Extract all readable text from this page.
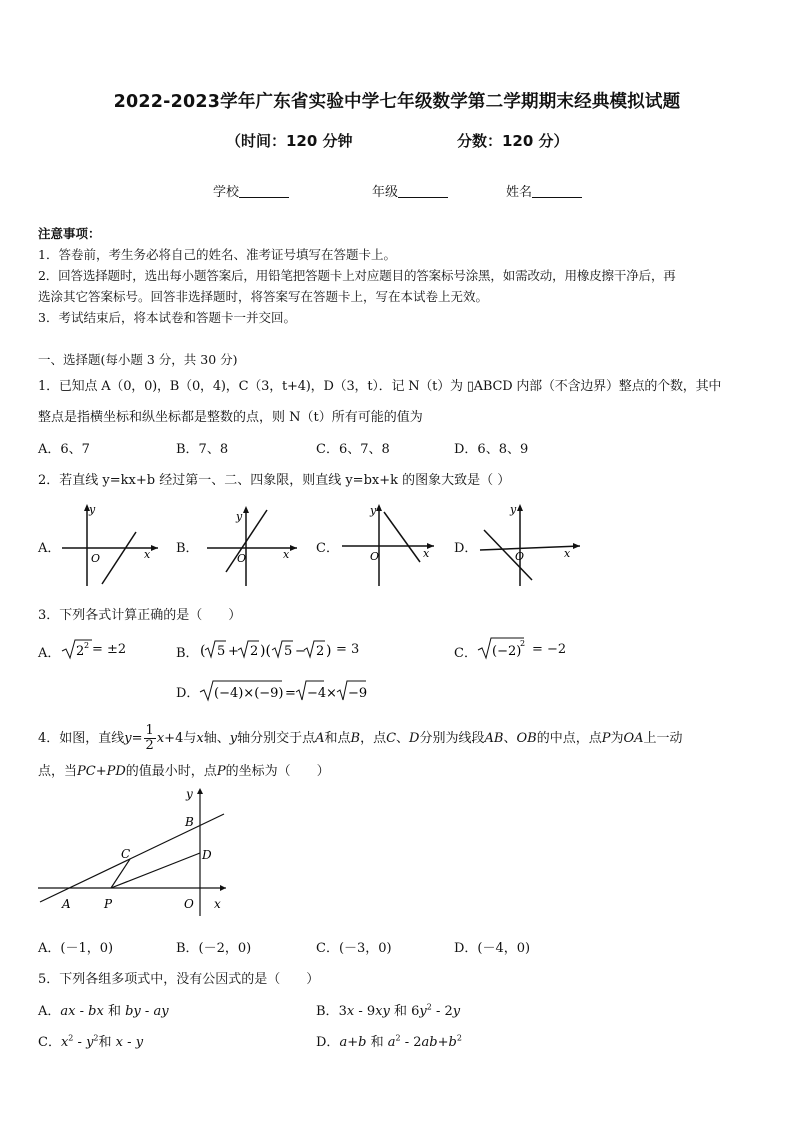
2022-2023学年广东省实验中学七年级数学第二学期期末经典模拟试题
（时间：120 分钟	分数：120 分）
学校	年级	姓名
注意事项：
1．答卷前，考生务必将自己的姓名、准考证号填写在答题卡上。
2．回答选择题时，选出每小题答案后，用铅笔把答题卡上对应题目的答案标号涂黑，如需改动，用橡皮擦干净后，再
选涂其它答案标号。回答非选择题时，将答案写在答题卡上，写在本试卷上无效。
3．考试结束后，将本试卷和答题卡一并交回。
一、选择题(每小题 3 分，共 30 分)
1．已知点 A（0，0)，B（0，4)，C（3，t+4)，D（3，t）．记 N（t）为 ▯ABCD 内部（不含边界）整点的个数，其中
整点是指横坐标和纵坐标都是整数的点，则 N（t）所有可能的值为
A．6、7	B．7、8	C．6、7、8	D．6、8、9
2．若直线 y=kx+b 经过第一、二、四象限，则直线 y=bx+k 的图象大致是（ ）
A．	B．	C．	D．
y
O	x
y
O	x
y
O	x
y
O	x
3．下列各式计算正确的是（　　）
A． 2 2 = ±2	B． ( 5 + 2 )( 5 − 2 ) = 3	C． (−2)
2 = −2
D． (−4)×(−9) = −4 × −9
4．如图，直线$y= \frac{1}{2} x+4$与x轴、y轴分别交于点A和点B，点C、D分别为线段AB、OB的中点，点P为OA上一动
点，当PC+PD的值最小时，点P的坐标为（　　）
y
B
C	D
A	P	O x
A．(－1，0)	B．(－2，0)	C．(－3，0)	D．(－4，0)
5．下列各组多项式中，没有公因式的是（　　）
A．ax - bx 和 by - ay	B．3x - 9xy 和 $6y^2 - 2y$
C．$x^2 - y^2$和 x - y	D．a+b 和 $a^2 - 2ab+b^2$
